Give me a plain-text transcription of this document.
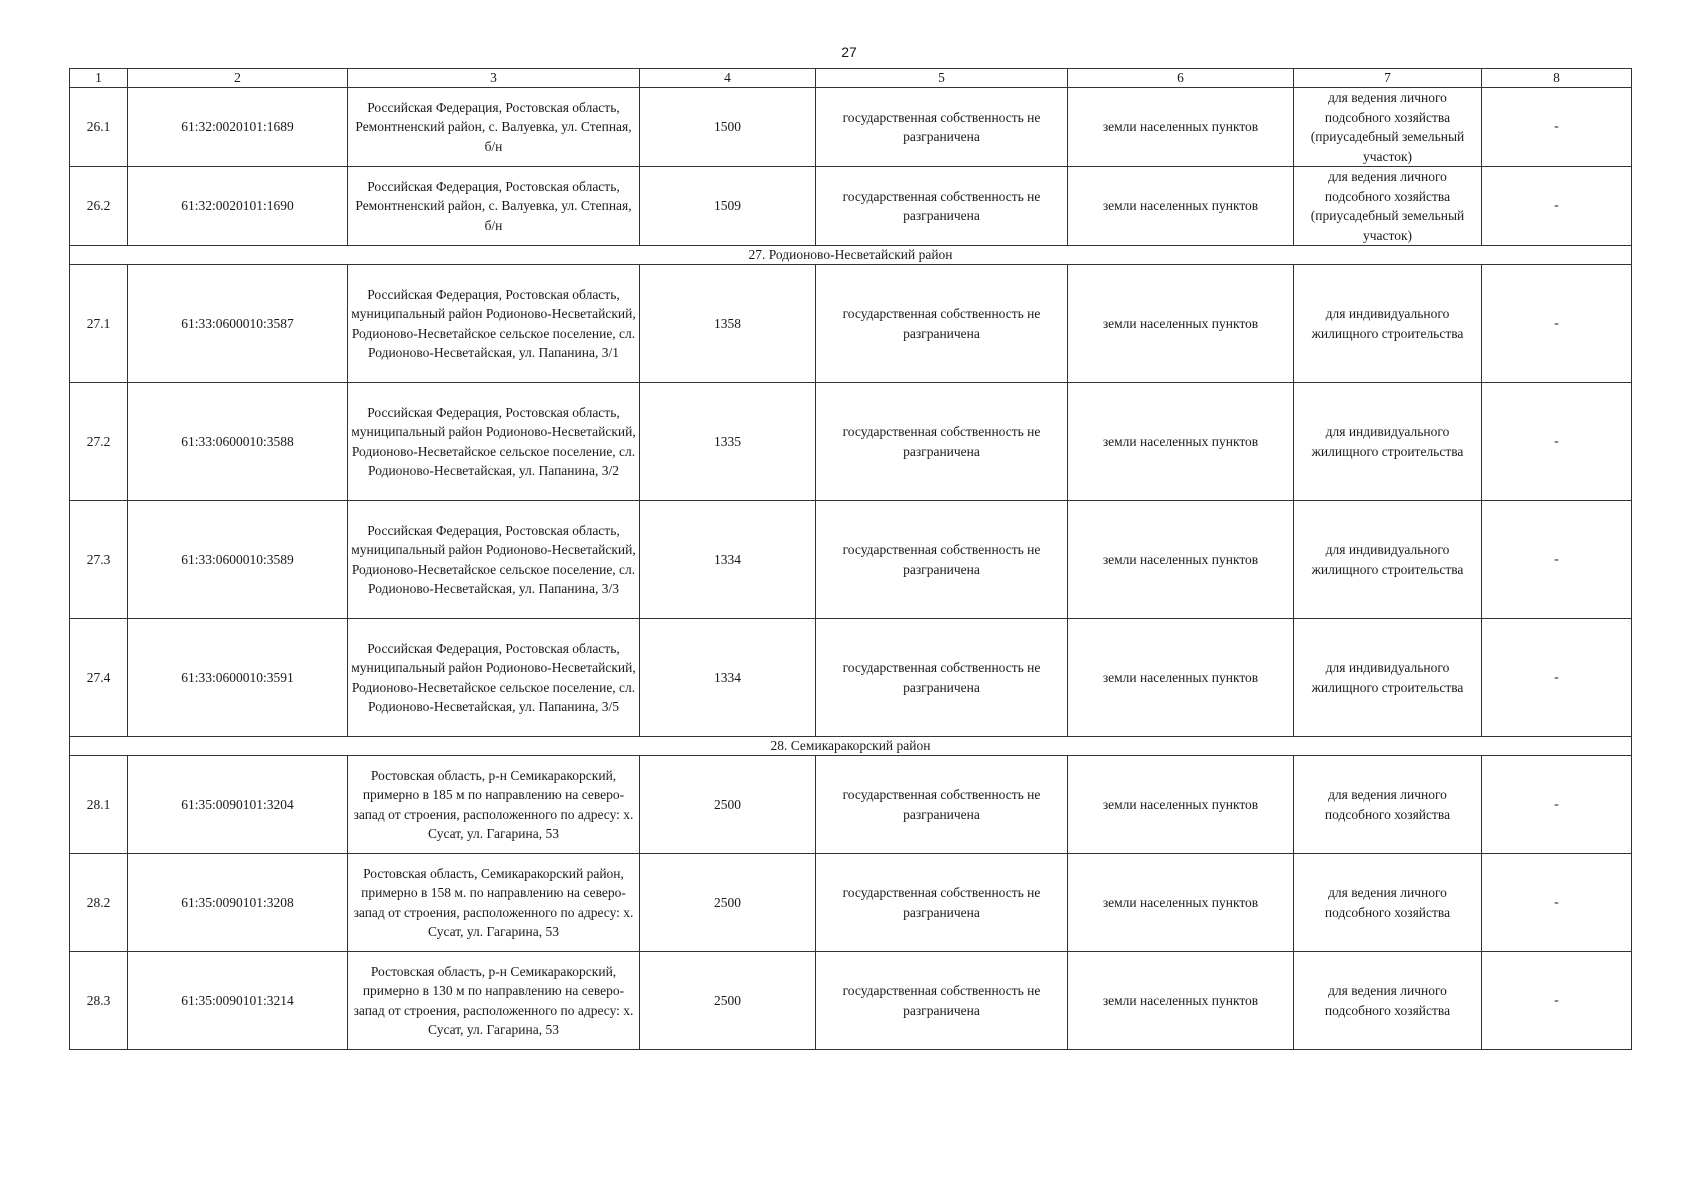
27
1	2	3	4	5	6	7	8
26.1	61:32:0020101:1689	Российская Федерация, Ростовская область, Ремонтненский район, с. Валуевка, ул. Степная, б/н	1500	государственная собственность не разграничена	земли населенных пунктов	для ведения личного подсобного хозяйства (приусадебный земельный участок)	-
26.2	61:32:0020101:1690	Российская Федерация, Ростовская область, Ремонтненский район, с. Валуевка, ул. Степная, б/н	1509	государственная собственность не разграничена	земли населенных пунктов	для ведения личного подсобного хозяйства (приусадебный земельный участок)	-
27. Родионово-Несветайский район							
27.1	61:33:0600010:3587	Российская Федерация, Ростовская область, муниципальный район Родионово-Несветайский, Родионово-Несветайское сельское поселение, сл. Родионово-Несветайская, ул. Папанина, 3/1	1358	государственная собственность не разграничена	земли населенных пунктов	для индивидуального жилищного строительства	-
27.2	61:33:0600010:3588	Российская Федерация, Ростовская область, муниципальный район Родионово-Несветайский, Родионово-Несветайское сельское поселение, сл. Родионово-Несветайская, ул. Папанина, 3/2	1335	государственная собственность не разграничена	земли населенных пунктов	для индивидуального жилищного строительства	-
27.3	61:33:0600010:3589	Российская Федерация, Ростовская область, муниципальный район Родионово-Несветайский, Родионово-Несветайское сельское поселение, сл. Родионово-Несветайская, ул. Папанина, 3/3	1334	государственная собственность не разграничена	земли населенных пунктов	для индивидуального жилищного строительства	-
27.4	61:33:0600010:3591	Российская Федерация, Ростовская область, муниципальный район Родионово-Несветайский, Родионово-Несветайское сельское поселение, сл. Родионово-Несветайская, ул. Папанина, 3/5	1334	государственная собственность не разграничена	земли населенных пунктов	для индивидуального жилищного строительства	-
28. Семикаракорский район							
28.1	61:35:0090101:3204	Ростовская область, р-н Семикаракорский, примерно в 185 м по направлению на северо-запад от строения, расположенного по адресу: х. Сусат, ул. Гагарина, 53	2500	государственная собственность не разграничена	земли населенных пунктов	для ведения личного подсобного хозяйства	-
28.2	61:35:0090101:3208	Ростовская область, Семикаракорский район, примерно в 158 м. по направлению на северо-запад от строения, расположенного по адресу: х. Сусат, ул. Гагарина, 53	2500	государственная собственность не разграничена	земли населенных пунктов	для ведения личного подсобного хозяйства	-
28.3	61:35:0090101:3214	Ростовская область, р-н Семикаракорский, примерно в 130 м по направлению на северо-запад от строения, расположенного по адресу: х. Сусат, ул. Гагарина, 53	2500	государственная собственность не разграничена	земли населенных пунктов	для ведения личного подсобного хозяйства	-
